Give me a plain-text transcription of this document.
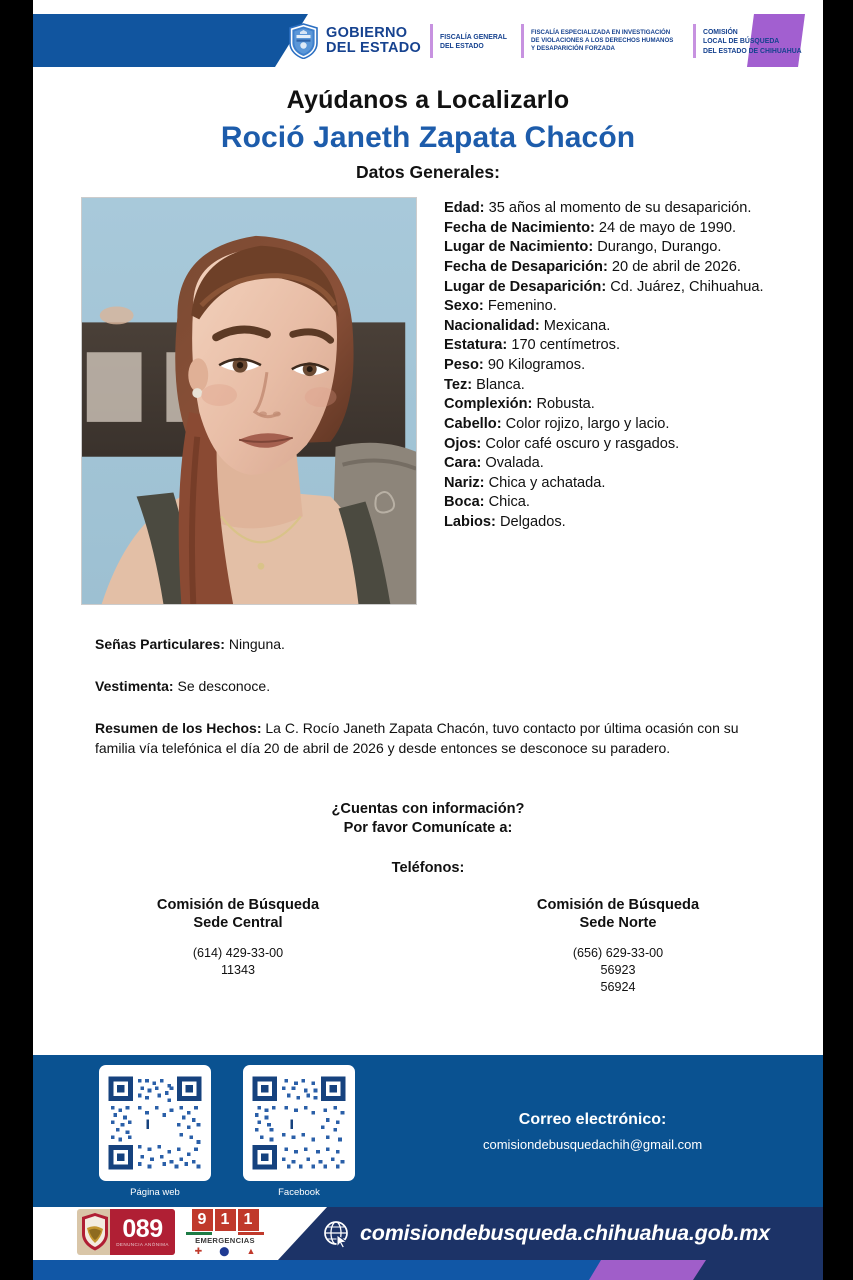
GOBIERNO
DEL ESTADO
FISCALÍA GENERAL
DEL ESTADO
FISCALÍA ESPECIALIZADA EN INVESTIGACIÓN
DE VIOLACIONES A LOS DERECHOS HUMANOS
Y DESAPARICIÓN FORZADA
COMISIÓN
LOCAL DE BÚSQUEDA
DEL ESTADO DE CHIHUAHUA
Ayúdanos a Localizarlo
Roció Janeth Zapata Chacón
Datos Generales:
Edad: 35 años al momento de su desaparición.
Fecha de Nacimiento: 24 de mayo de 1990.
Lugar de Nacimiento: Durango, Durango.
Fecha de Desaparición: 20 de abril de 2026.
Lugar de Desaparición: Cd. Juárez, Chihuahua.
Sexo: Femenino.
Nacionalidad: Mexicana.
Estatura: 170 centímetros.
Peso: 90 Kilogramos.
Tez: Blanca.
Complexión: Robusta.
Cabello: Color rojizo, largo y lacio.
Ojos: Color café oscuro y rasgados.
Cara: Ovalada.
Nariz: Chica y achatada.
Boca: Chica.
Labios: Delgados.
Señas Particulares: Ninguna.
Vestimenta: Se desconoce.
Resumen de los Hechos: La C. Rocío Janeth Zapata Chacón, tuvo contacto por última ocasión con su familia vía telefónica el día 20 de abril de 2026 y desde entonces se desconoce su paradero.
¿Cuentas con información?
Por favor Comunícate a:
Teléfonos:
Comisión de Búsqueda
Sede Central
(614) 429-33-00
11343
Comisión de Búsqueda
Sede Norte
(656) 629-33-00
56923
56924
Página web	Facebook
Correo electrónico:
comisiondebusquedachih@gmail.com
089
DENUNCIA ANÓNIMA
9 1 1
EMERGENCIAS
✚ ⬤ ▲
comisiondebusqueda.chihuahua.gob.mx
